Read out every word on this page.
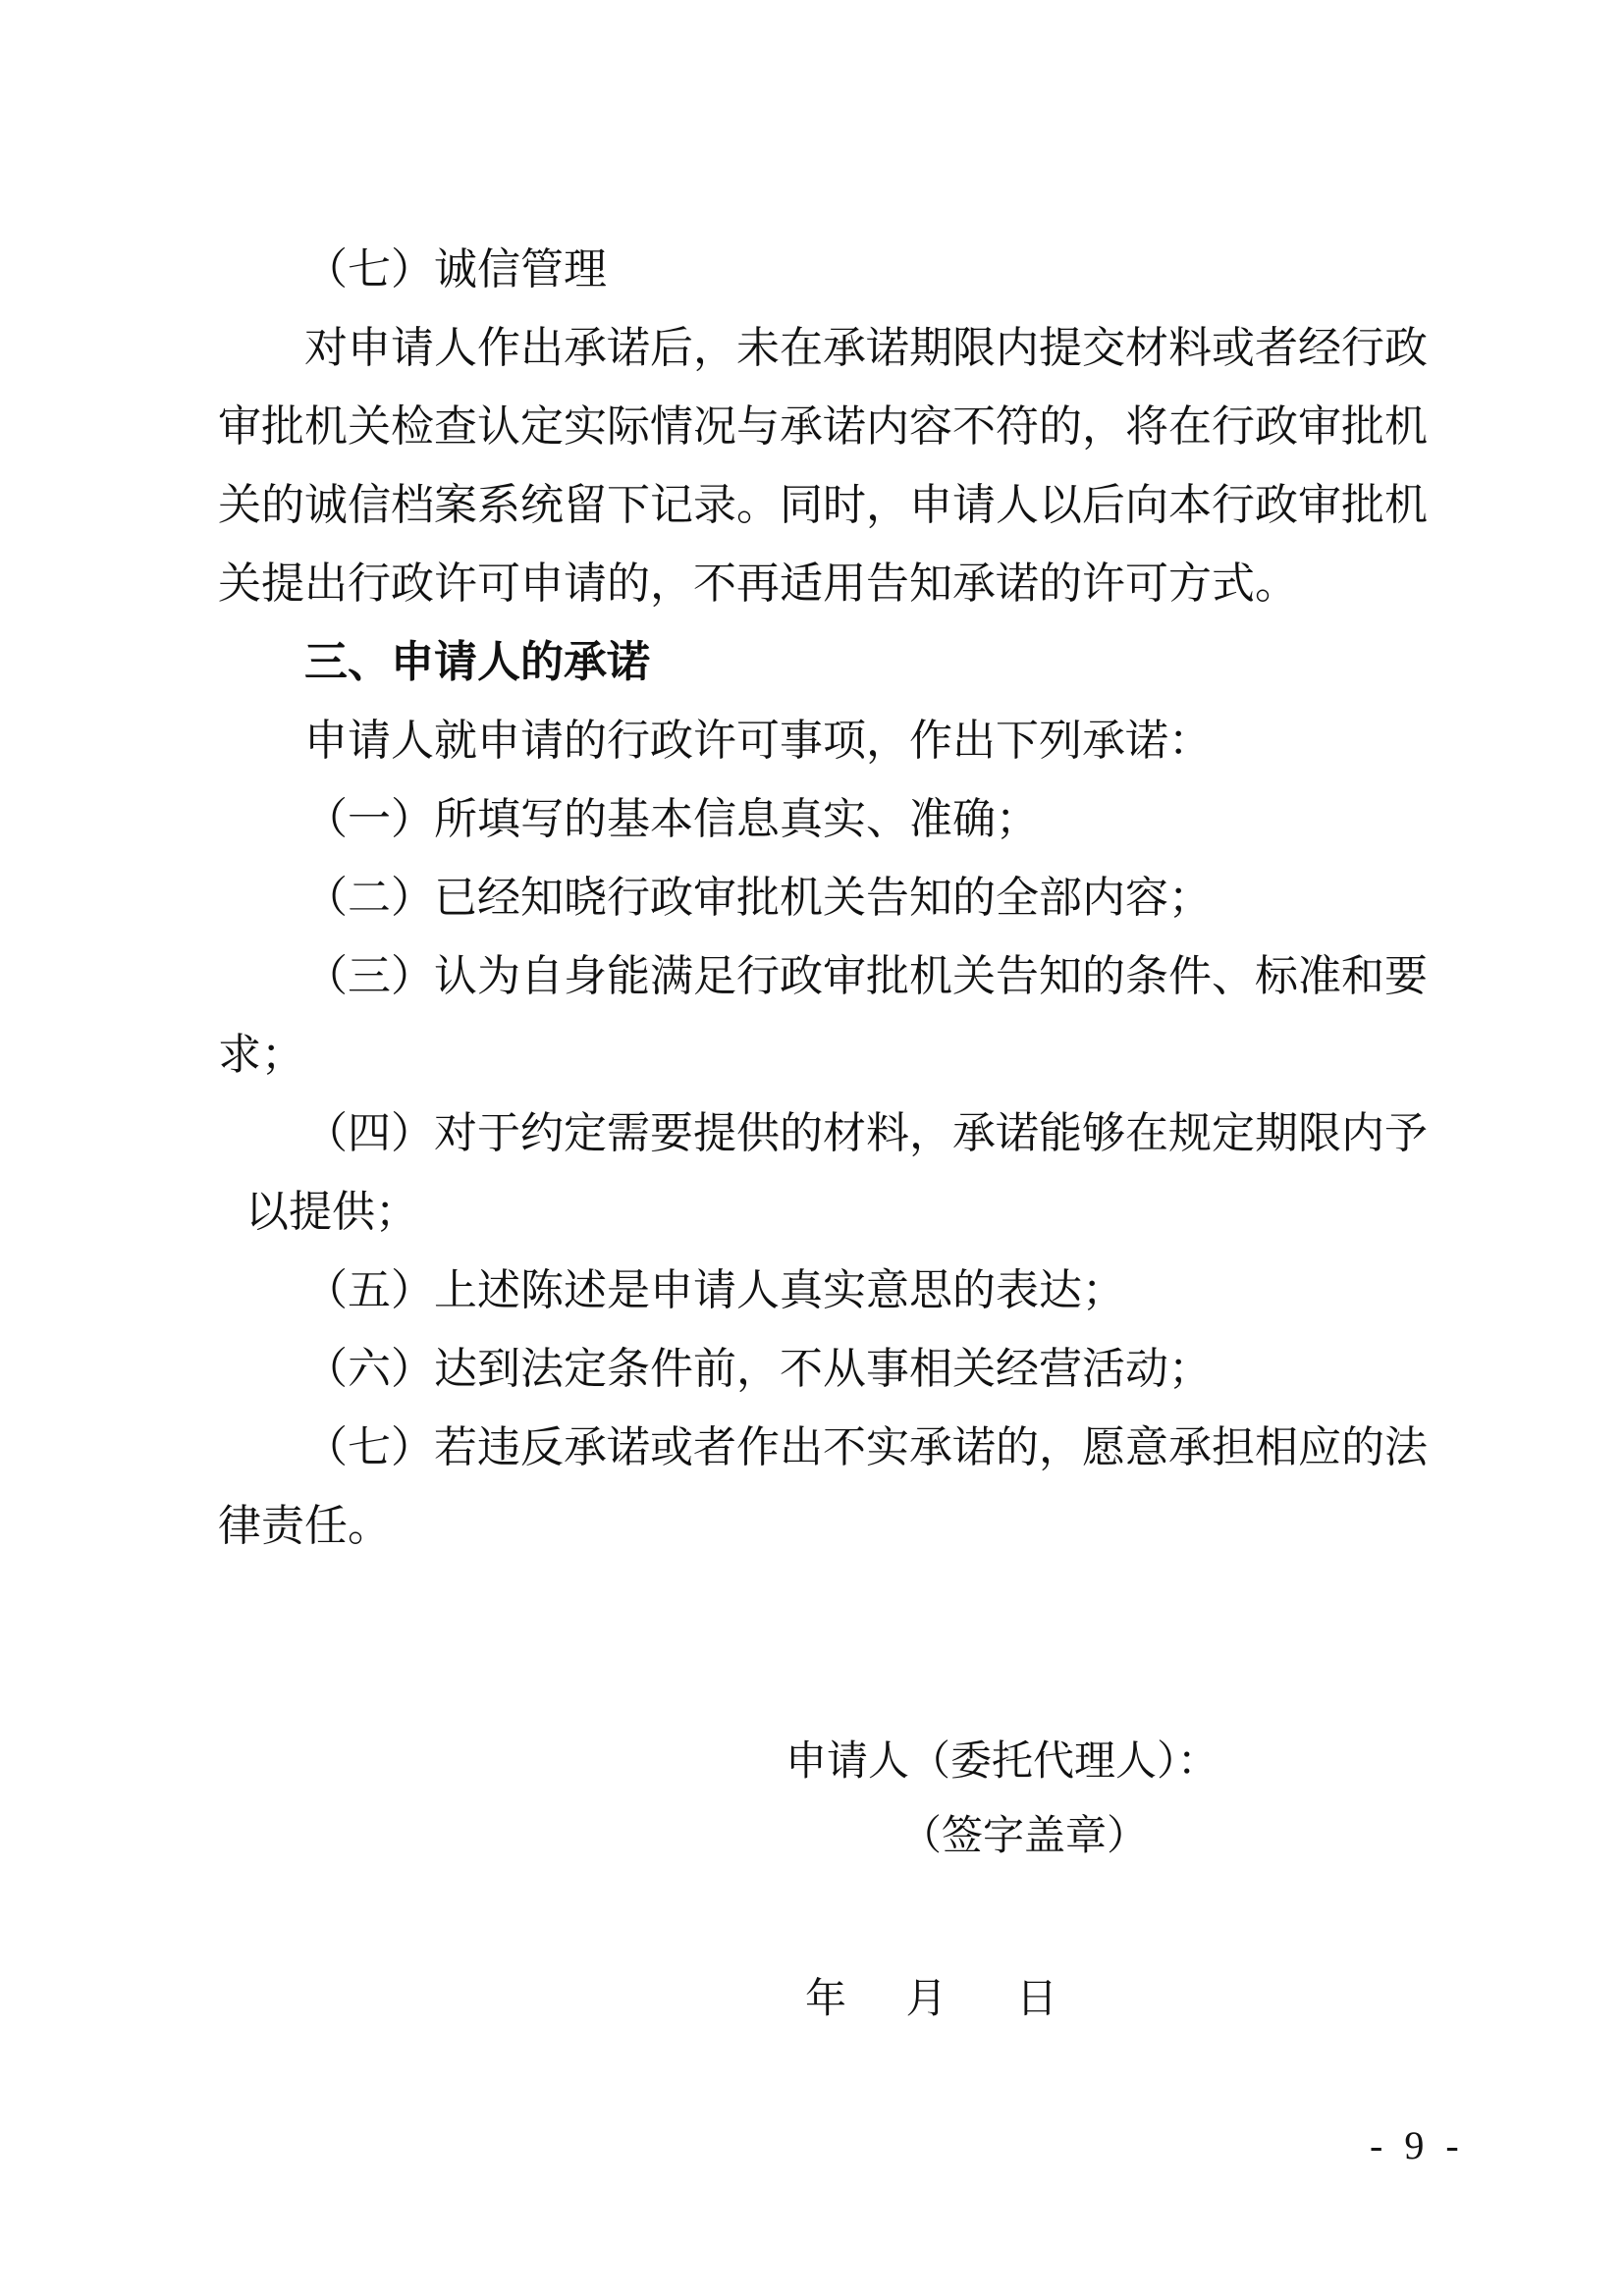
（七）诚信管理
对申请人作出承诺后，未在承诺期限内提交材料或者经行政
审批机关检查认定实际情况与承诺内容不符的，将在行政审批机
关的诚信档案系统留下记录。同时，申请人以后向本行政审批机
关提出行政许可申请的，不再适用告知承诺的许可方式。
三、申请人的承诺
申请人就申请的行政许可事项，作出下列承诺：
（一）所填写的基本信息真实、准确；
（二）已经知晓行政审批机关告知的全部内容；
（三）认为自身能满足行政审批机关告知的条件、标准和要
求；
（四）对于约定需要提供的材料，承诺能够在规定期限内予
以提供；
（五）上述陈述是申请人真实意思的表达；
（六）达到法定条件前，不从事相关经营活动；
（七）若违反承诺或者作出不实承诺的，愿意承担相应的法
律责任。
申请人（委托代理人）：
（签字盖章）
年 月 日
- 9 -
